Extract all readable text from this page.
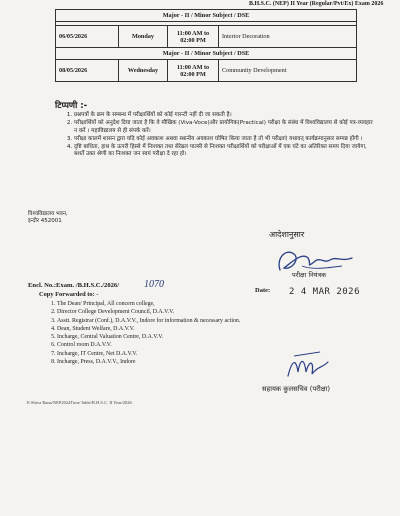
B.H.S.C. (NEP) II Year (Regular/Pvt/Ex) Exam 2026
Major - II / Minor Subject / DSE			

06/05/2026	Monday	11:00 AM to 02:00 PM	Interior Decoration
Major - II / Minor Subject / DSE			
08/05/2026	Wednesday	11:00 AM to 02:00 PM	Community Development
टिप्पणी :-
1. प्रश्नपत्रों के क्रम के सम्बन्ध में परीक्षार्थियों को कोई गारन्टी नहीं दी जा सकती है।
2. परीक्षार्थियों को अनुदेश दिया जाता है कि वे मौखिक (Viva-Voce)और प्रायोगिक(Practical) परीक्षा के संबंध में विश्वविद्यालय से कोई पत्र-व्यवहार न करें । महाविद्यालय से ही संपर्क करें।
3. परीक्षा कालमें शासन द्वारा यदि कोई अवकाश अथवा स्थानीय अवकाश घोषित किया जाता है तो भी परीक्षाएं यथावत् कार्यक्रमानुसार सम्पन्न होंगी ।
4. दृष्टि बाधिता, हाथ के ऊपरी हिस्से में निःशक्त तथा सेरेब्रल पाल्सी से निःशक्त परीक्षार्थियों को परीक्षाओं में एक घंटे का अतिरिक्त समय दिया जायेगा, बशर्ते उक्त श्रेणी का निःशक्त जन स्वयं परीक्षा दे रहा हो।
विश्वविद्यालय भवन,
इन्दौर 452001
आदेशानुसार
परीक्षा नियंत्रक
Date: 2 4 MAR 2026
Encl. No.:Exam. /B.H.S.C./2026/ 1070
Copy Forwarded to: -
1. The Dean/ Principal, All concern college,
2. Director College Development Council, D.A.V.V.
3. Asstt. Registrar (Conf.), D.A.V.V., Indore for information & necessary action.
4. Dean, Student Welfare, D.A.V.V.
5. Incharge, Central Valuation Centre, D.A.V.V.
6. Control room D.A.V.V.
7. Incharge, IT Centre, Net D.A.V.V.
8. Incharge, Press, D.A.V.V., Indore
सहायक कुलसचिव (परीक्षा)
E:Shiva Rana/NEP2024Time Table/B.H.S.C. II Year/2026
